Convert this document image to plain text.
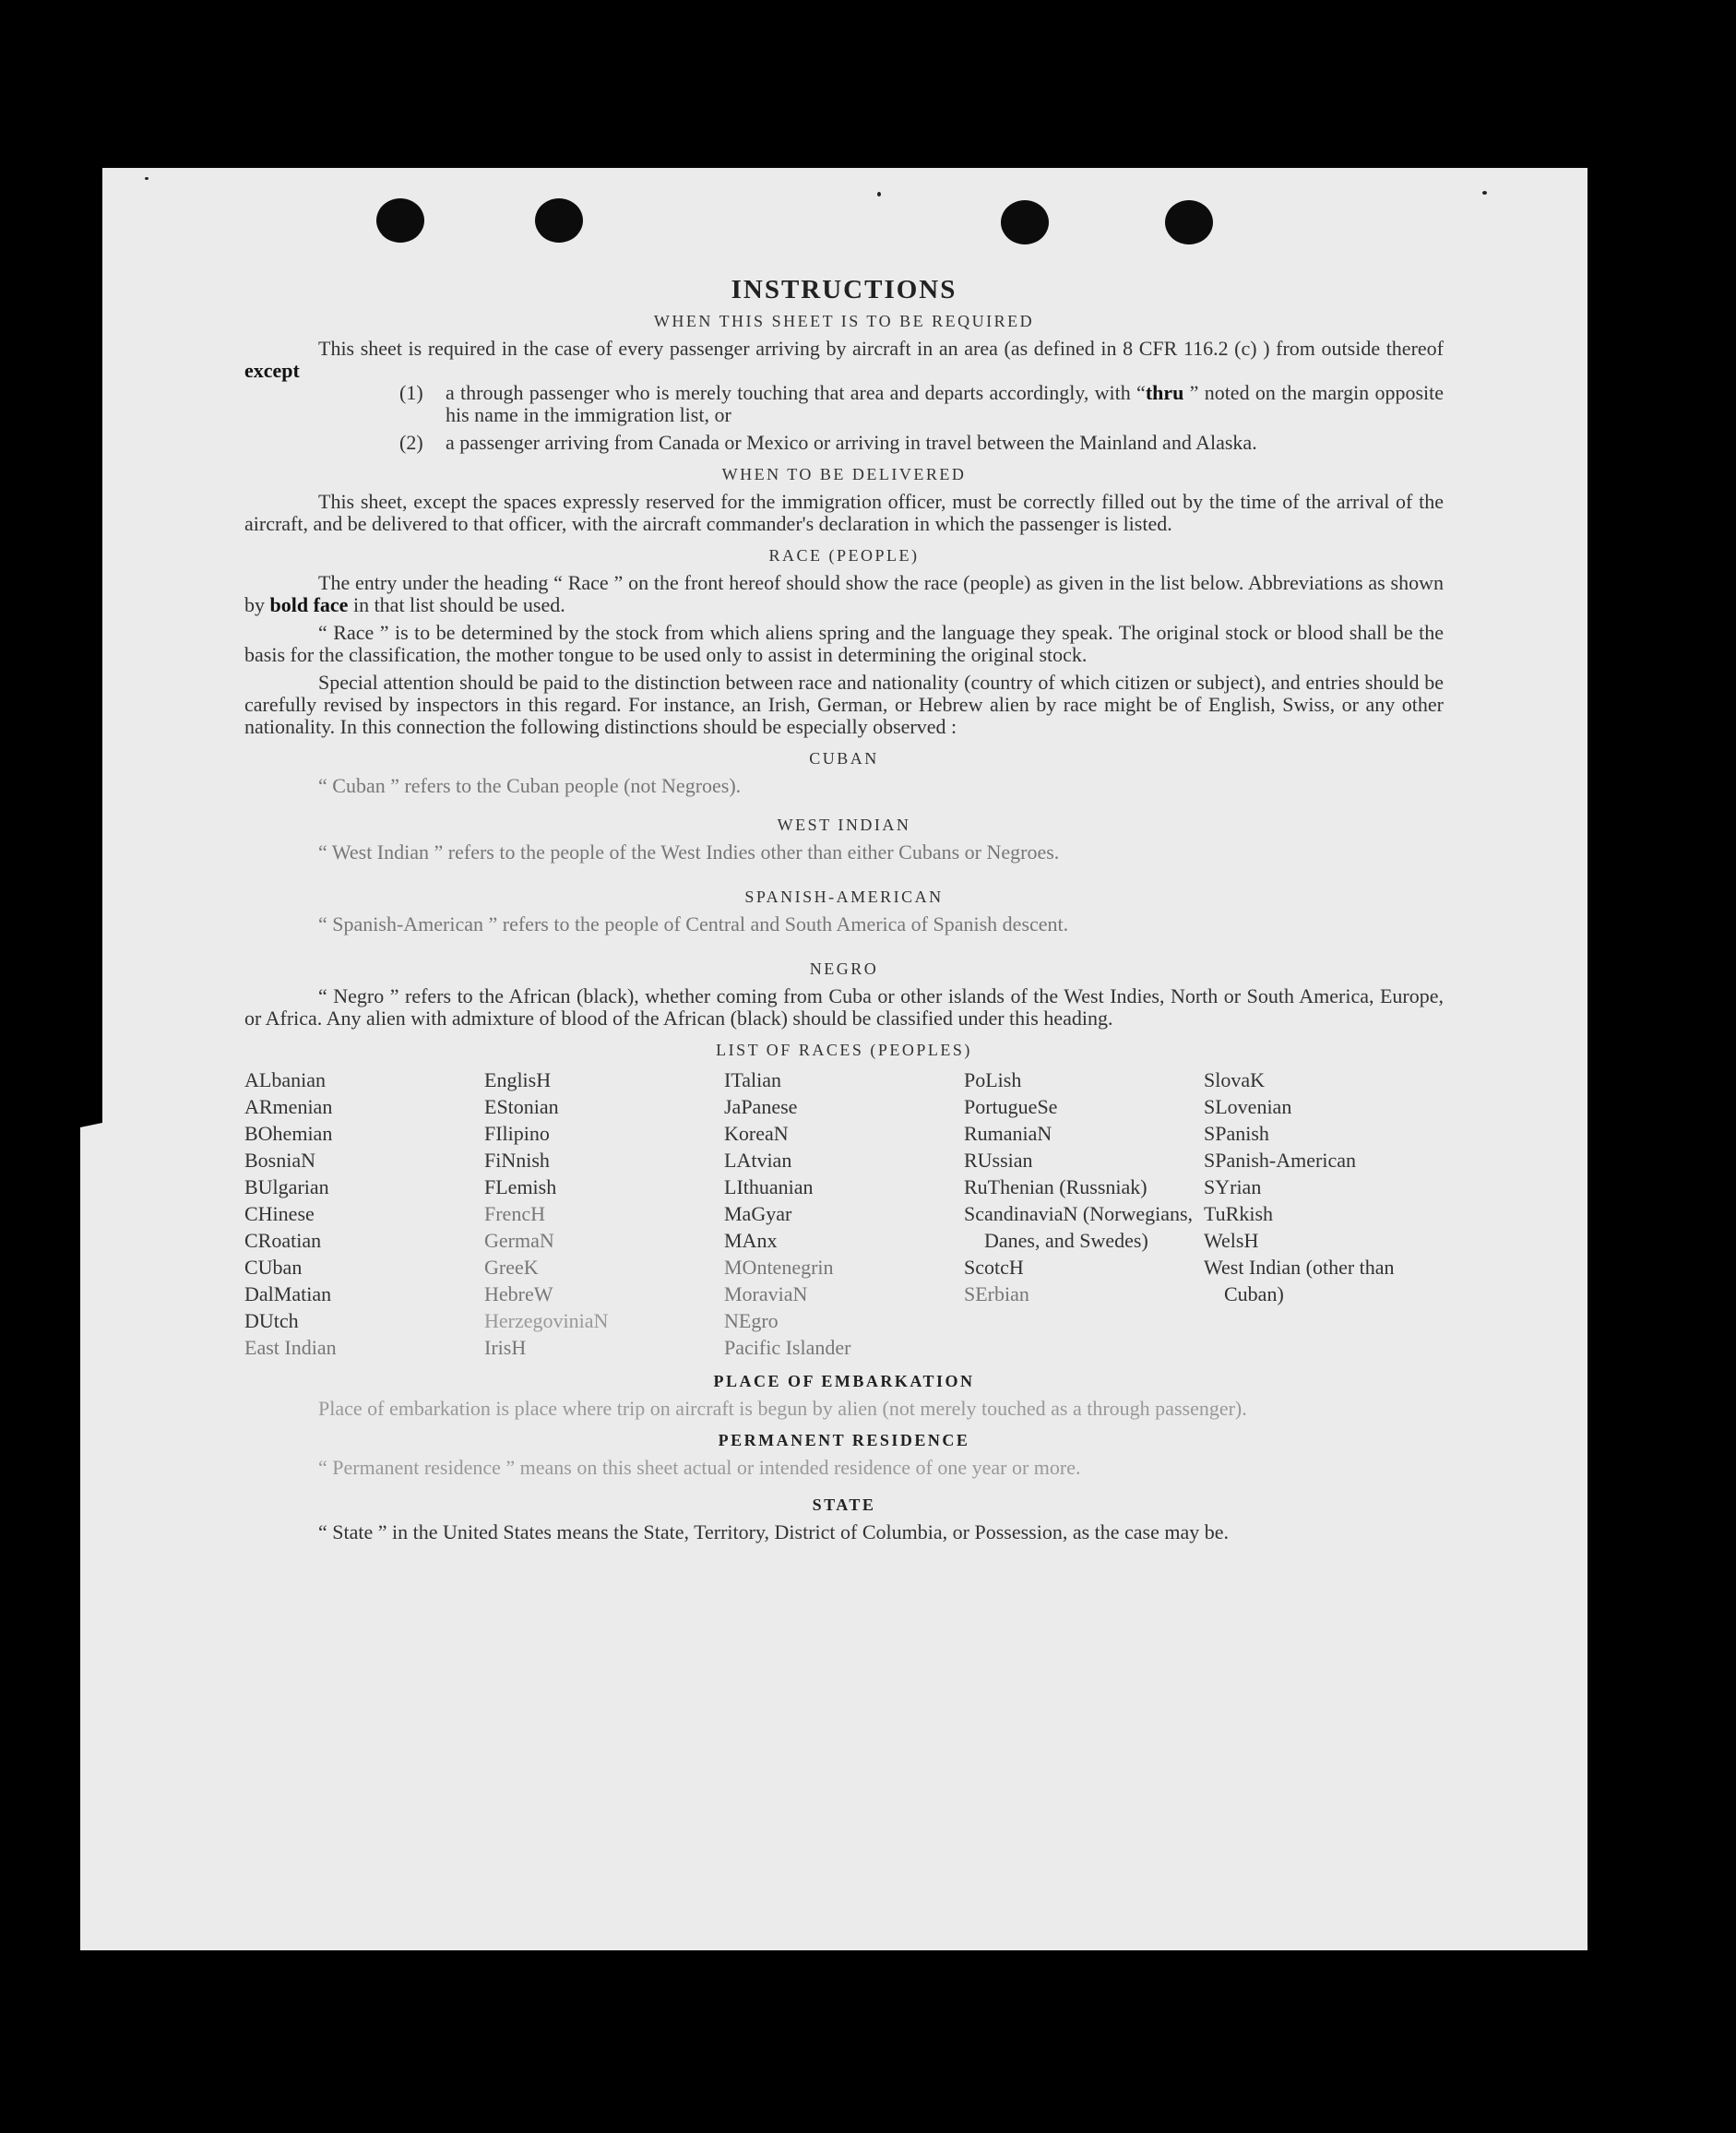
INSTRUCTIONS
WHEN THIS SHEET IS TO BE REQUIRED

This sheet is required in the case of every passenger arriving by aircraft in an area (as defined in 8 CFR 116.2 (c) ) from outside thereof except

(1)	a through passenger who is merely touching that area and departs accordingly, with “thru ” noted on the margin opposite his name in the immigration list, or
(2)	a passenger arriving from Canada or Mexico or arriving in travel between the Mainland and Alaska.
WHEN TO BE DELIVERED

This sheet, except the spaces expressly reserved for the immigration officer, must be correctly filled out by the time of the arrival of the aircraft, and be delivered to that officer, with the aircraft commander's declaration in which the passenger is listed.

RACE (PEOPLE)

The entry under the heading “ Race ” on the front hereof should show the race (people) as given in the list below. Abbreviations as shown by bold face in that list should be used.

“ Race ” is to be determined by the stock from which aliens spring and the language they speak. The original stock or blood shall be the basis for the classification, the mother tongue to be used only to assist in determining the original stock.

Special attention should be paid to the distinction between race and nationality (country of which citizen or subject), and entries should be carefully revised by inspectors in this regard. For instance, an Irish, German, or Hebrew alien by race might be of English, Swiss, or any other nationality. In this connection the following distinctions should be especially observed :

CUBAN

“ Cuban ” refers to the Cuban people (not Negroes).

WEST INDIAN

“ West Indian ” refers to the people of the West Indies other than either Cubans or Negroes.

SPANISH-AMERICAN

“ Spanish-American ” refers to the people of Central and South America of Spanish descent.

NEGRO

“ Negro ” refers to the African (black), whether coming from Cuba or other islands of the West Indies, North or South America, Europe, or Africa. Any alien with admixture of blood of the African (black) should be classified under this heading.

LIST OF RACES (PEOPLES)
ALbanian
ARmenian
BOhemian
BosniaN
BUlgarian
CHinese
CRoatian
CUban
DalMatian
DUtch
East Indian
EnglisH
EStonian
FIlipino
FiNnish
FLemish
FrencH
GermaN
GreeK
HebreW
HerzegoviniaN
IrisH
ITalian
JaPanese
KoreaN
LAtvian
LIthuanian
MaGyar
MAnx
MOntenegrin
MoraviaN
NEgro
Pacific Islander
PoLish
PortugueSe
RumaniaN
RUssian
RuThenian (Russniak)
ScandinaviaN (Norwegians, Danes, and Swedes)
ScotcH
SErbian
SlovaK
SLovenian
SPanish
SPanish-American
SYrian
TuRkish
WelsH
West Indian (other than Cuban)
PLACE OF EMBARKATION

Place of embarkation is place where trip on aircraft is begun by alien (not merely touched as a through passenger).

PERMANENT RESIDENCE

“ Permanent residence ” means on this sheet actual or intended residence of one year or more.

STATE

“ State ” in the United States means the State, Territory, District of Columbia, or Possession, as the case may be.
